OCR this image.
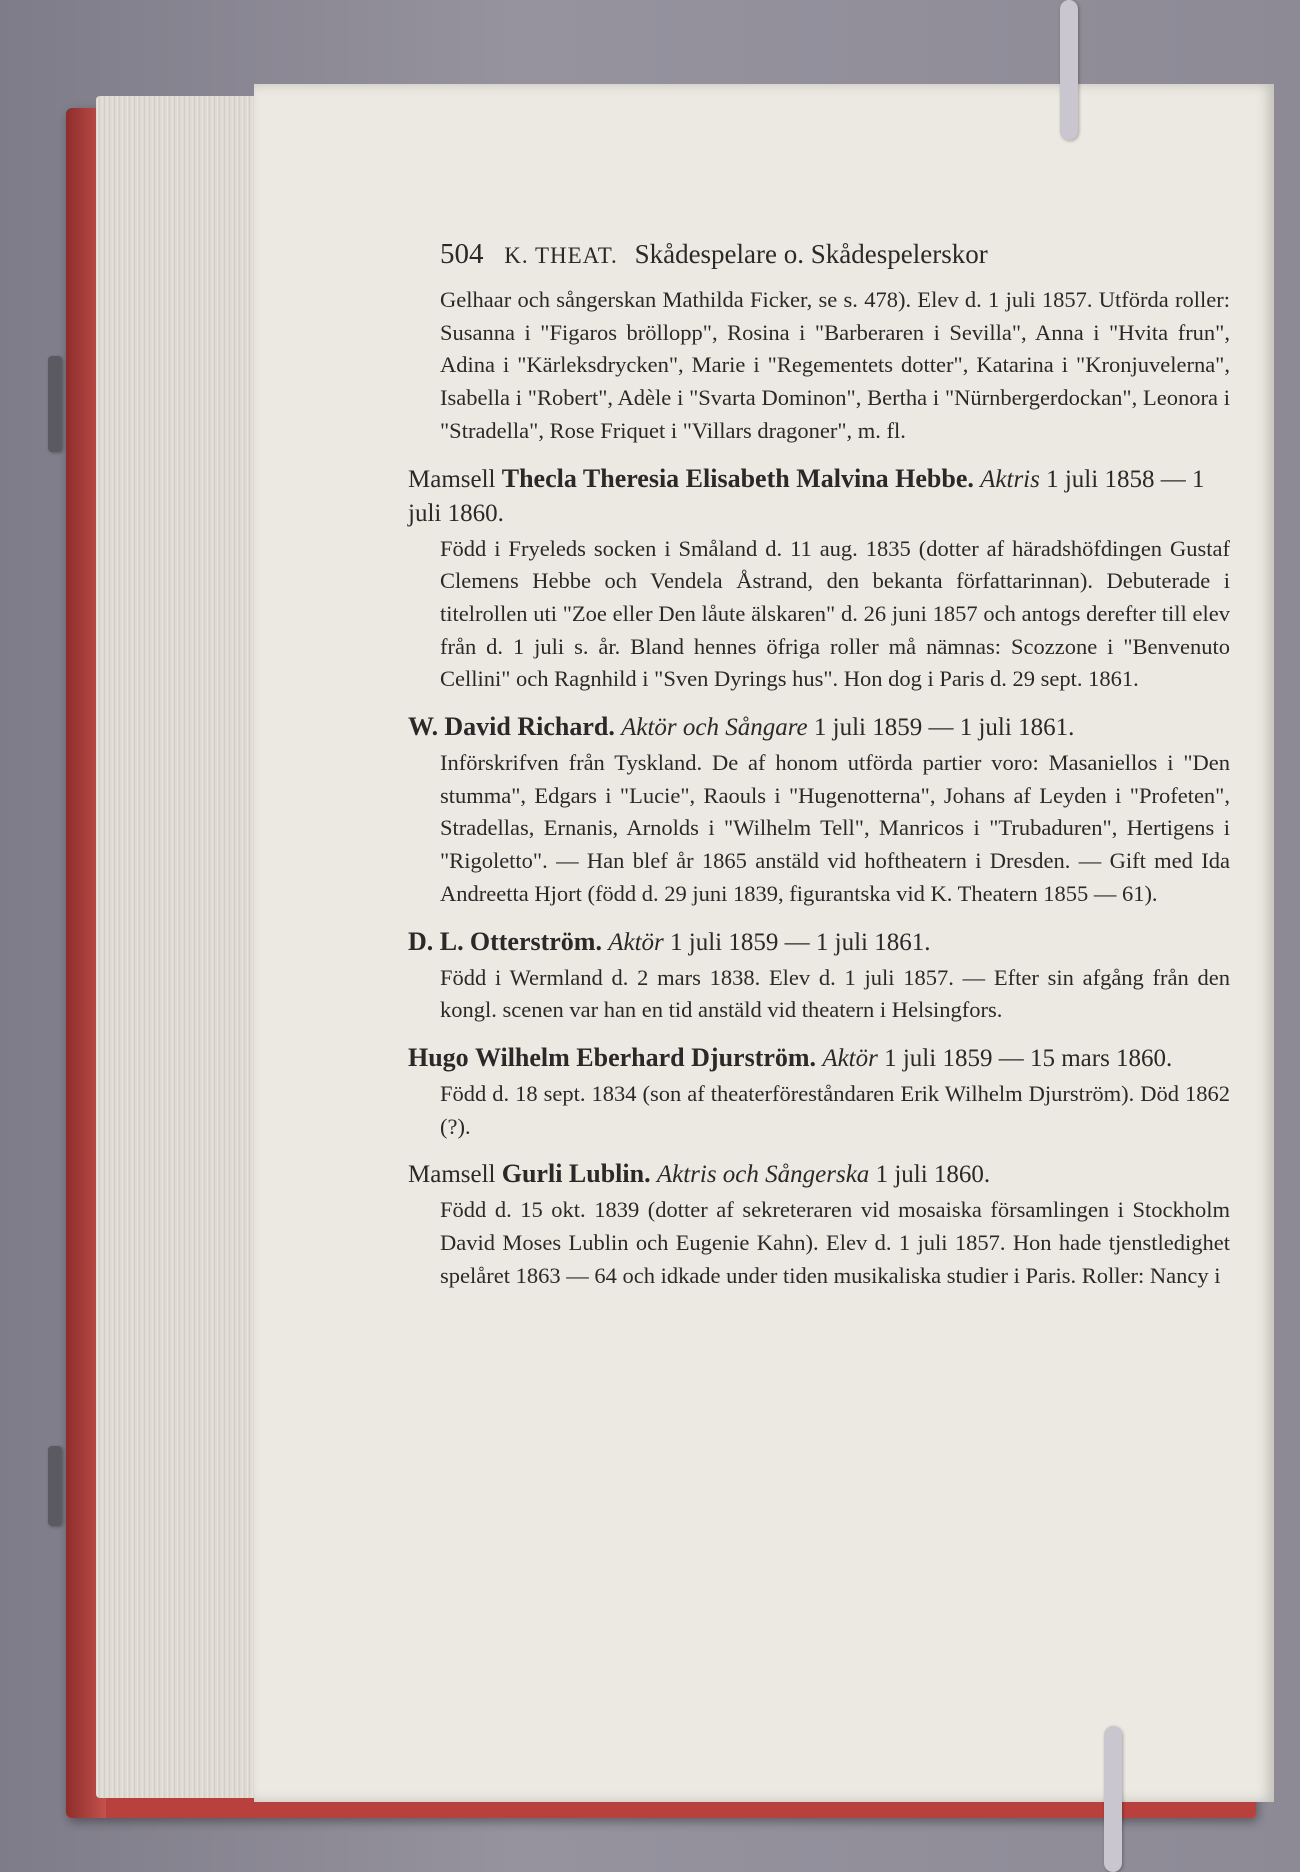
504 K. THEAT. Skådespelare o. Skådespelerskor
Gelhaar och sångerskan Mathilda Ficker, se s. 478). Elev d. 1 juli 1857. Utförda roller: Susanna i "Figaros bröllopp", Rosina i "Barberaren i Sevilla", Anna i "Hvita frun", Adina i "Kärleksdrycken", Marie i "Regementets dotter", Katarina i "Kronjuvelerna", Isabella i "Robert", Adèle i "Svarta Dominon", Bertha i "Nürnbergerdockan", Leonora i "Stradella", Rose Friquet i "Villars dragoner", m. fl.
Mamsell Thecla Theresia Elisabeth Malvina Hebbe. Aktris 1 juli 1858 — 1 juli 1860.
Född i Fryeleds socken i Småland d. 11 aug. 1835 (dotter af häradshöfdingen Gustaf Clemens Hebbe och Vendela Åstrand, den bekanta författarinnan). Debuterade i titelrollen uti "Zoe eller Den låute älskaren" d. 26 juni 1857 och antogs derefter till elev från d. 1 juli s. år. Bland hennes öfriga roller må nämnas: Scozzone i "Benvenuto Cellini" och Ragnhild i "Sven Dyrings hus". Hon dog i Paris d. 29 sept. 1861.
W. David Richard. Aktör och Sångare 1 juli 1859 — 1 juli 1861.
Införskrifven från Tyskland. De af honom utförda partier voro: Masaniellos i "Den stumma", Edgars i "Lucie", Raouls i "Hugenotterna", Johans af Leyden i "Profeten", Stradellas, Ernanis, Arnolds i "Wilhelm Tell", Manricos i "Trubaduren", Hertigens i "Rigoletto". — Han blef år 1865 anstäld vid hoftheatern i Dresden. — Gift med Ida Andreetta Hjort (född d. 29 juni 1839, figurantska vid K. Theatern 1855 — 61).
D. L. Otterström. Aktör 1 juli 1859 — 1 juli 1861.
Född i Wermland d. 2 mars 1838. Elev d. 1 juli 1857. — Efter sin afgång från den kongl. scenen var han en tid anstäld vid theatern i Helsingfors.
Hugo Wilhelm Eberhard Djurström. Aktör 1 juli 1859 — 15 mars 1860.
Född d. 18 sept. 1834 (son af theaterföreståndaren Erik Wilhelm Djurström). Död 1862 (?).
Mamsell Gurli Lublin. Aktris och Sångerska 1 juli 1860.
Född d. 15 okt. 1839 (dotter af sekreteraren vid mosaiska församlingen i Stockholm David Moses Lublin och Eugenie Kahn). Elev d. 1 juli 1857. Hon hade tjenstledighet spelåret 1863 — 64 och idkade under tiden musikaliska studier i Paris. Roller: Nancy i
